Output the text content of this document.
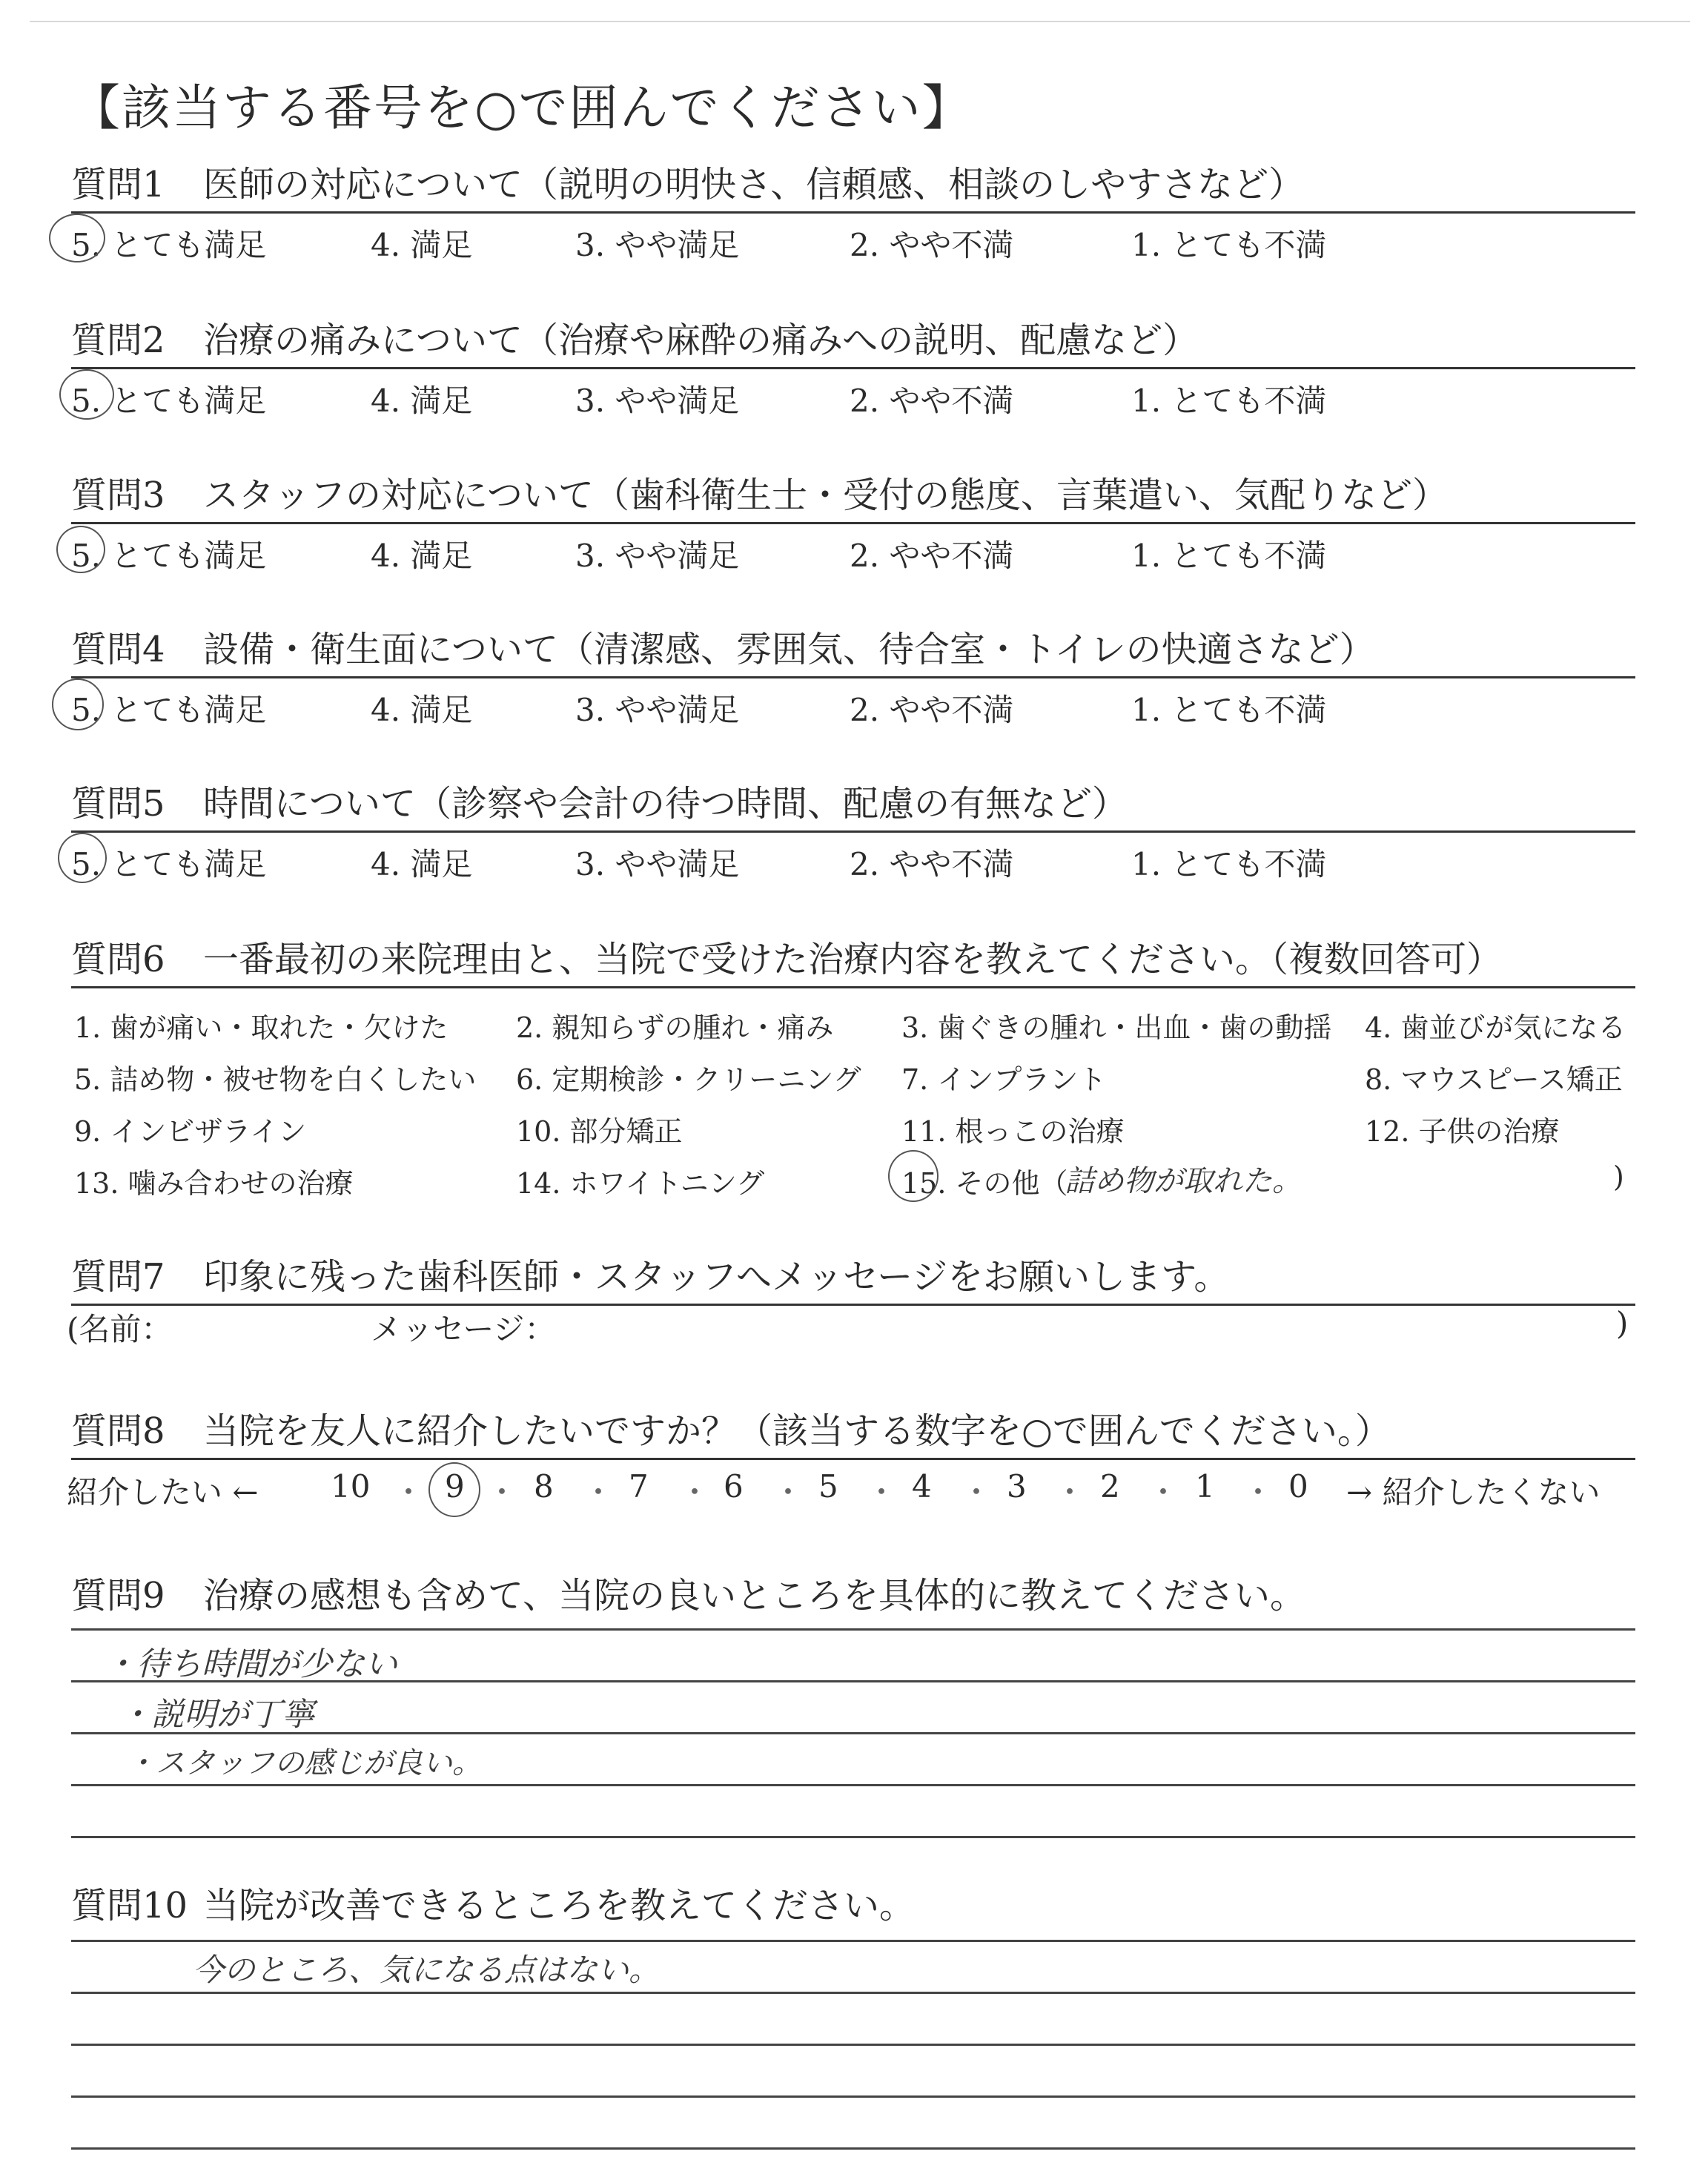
【該当する番号を○で囲んでください】
質問1 医師の対応について（説明の明快さ、信頼感、相談のしやすさなど）
5. とても満足	4. 満足	3. やや満足	2. やや不満	1. とても不満
質問2 治療の痛みについて（治療や麻酔の痛みへの説明、配慮など）
5. とても満足	4. 満足	3. やや満足	2. やや不満	1. とても不満
質問3 スタッフの対応について（歯科衛生士・受付の態度、言葉遣い、気配りなど）
5. とても満足	4. 満足	3. やや満足	2. やや不満	1. とても不満
質問4 設備・衛生面について（清潔感、雰囲気、待合室・トイレの快適さなど）
5. とても満足	4. 満足	3. やや満足	2. やや不満	1. とても不満
質問5 時間について（診察や会計の待つ時間、配慮の有無など）
5. とても満足	4. 満足	3. やや満足	2. やや不満	1. とても不満
質問6 一番最初の来院理由と、当院で受けた治療内容を教えてください。（複数回答可）
1. 歯が痛い・取れた・欠けた 2. 親知らずの腫れ・痛み 3. 歯ぐきの腫れ・出血・歯の動揺 4. 歯並びが気になる
5. 詰め物・被せ物を白くしたい 6. 定期検診・クリーニング 7. インプラント	8. マウスピース矯正
9. インビザライン	10. 部分矯正	11. 根っこの治療	12. 子供の治療
13. 噛み合わせの治療	14. ホワイトニング	15. その他（
詰め物が取れた。	)
質問7 印象に残った歯科医師・スタッフへメッセージをお願いします。
(名前：	メッセージ：	)
質問8 当院を友人に紹介したいですか？（該当する数字を○で囲んでください。）
紹介したい ← 10 ・ 9 ・ 8 ・ 7 ・ 6 ・ 5 ・ 4 ・ 3 ・ 2 ・ 1 ・ 0 → 紹介したくない
質問9 治療の感想も含めて、当院の良いところを具体的に教えてください。
・待ち時間が少ない
・説明が丁寧
・スタッフの感じが良い。
質問10 当院が改善できるところを教えてください。
今のところ、気になる点はない。
